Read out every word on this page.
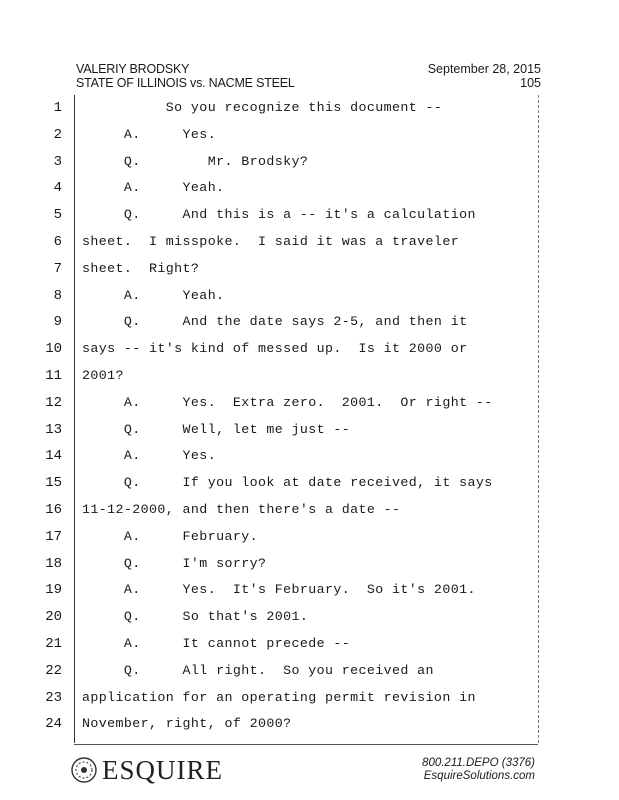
VALERIY BRODSKY
STATE OF ILLINOIS vs. NACME STEEL
September 28, 2015
105
1 So you recognize this document --
2 A.     Yes.
3 Q.        Mr. Brodsky?
4 A.     Yeah.
5 Q.     And this is a -- it's a calculation
6 sheet.  I misspoke.  I said it was a traveler
7 sheet.  Right?
8 A.     Yeah.
9 Q.     And the date says 2-5, and then it
10 says -- it's kind of messed up.  Is it 2000 or
11 2001?
12 A.     Yes.  Extra zero.  2001.  Or right --
13 Q.     Well, let me just --
14 A.     Yes.
15 Q.     If you look at date received, it says
16 11-12-2000, and then there's a date --
17 A.     February.
18 Q.     I'm sorry?
19 A.     Yes.  It's February.  So it's 2001.
20 Q.     So that's 2001.
21 A.     It cannot precede --
22 Q.     All right.  So you received an
23 application for an operating permit revision in
24 November, right, of 2000?
ESQUIRE	800.211.DEPO (3376)
EsquireSolutions.com
